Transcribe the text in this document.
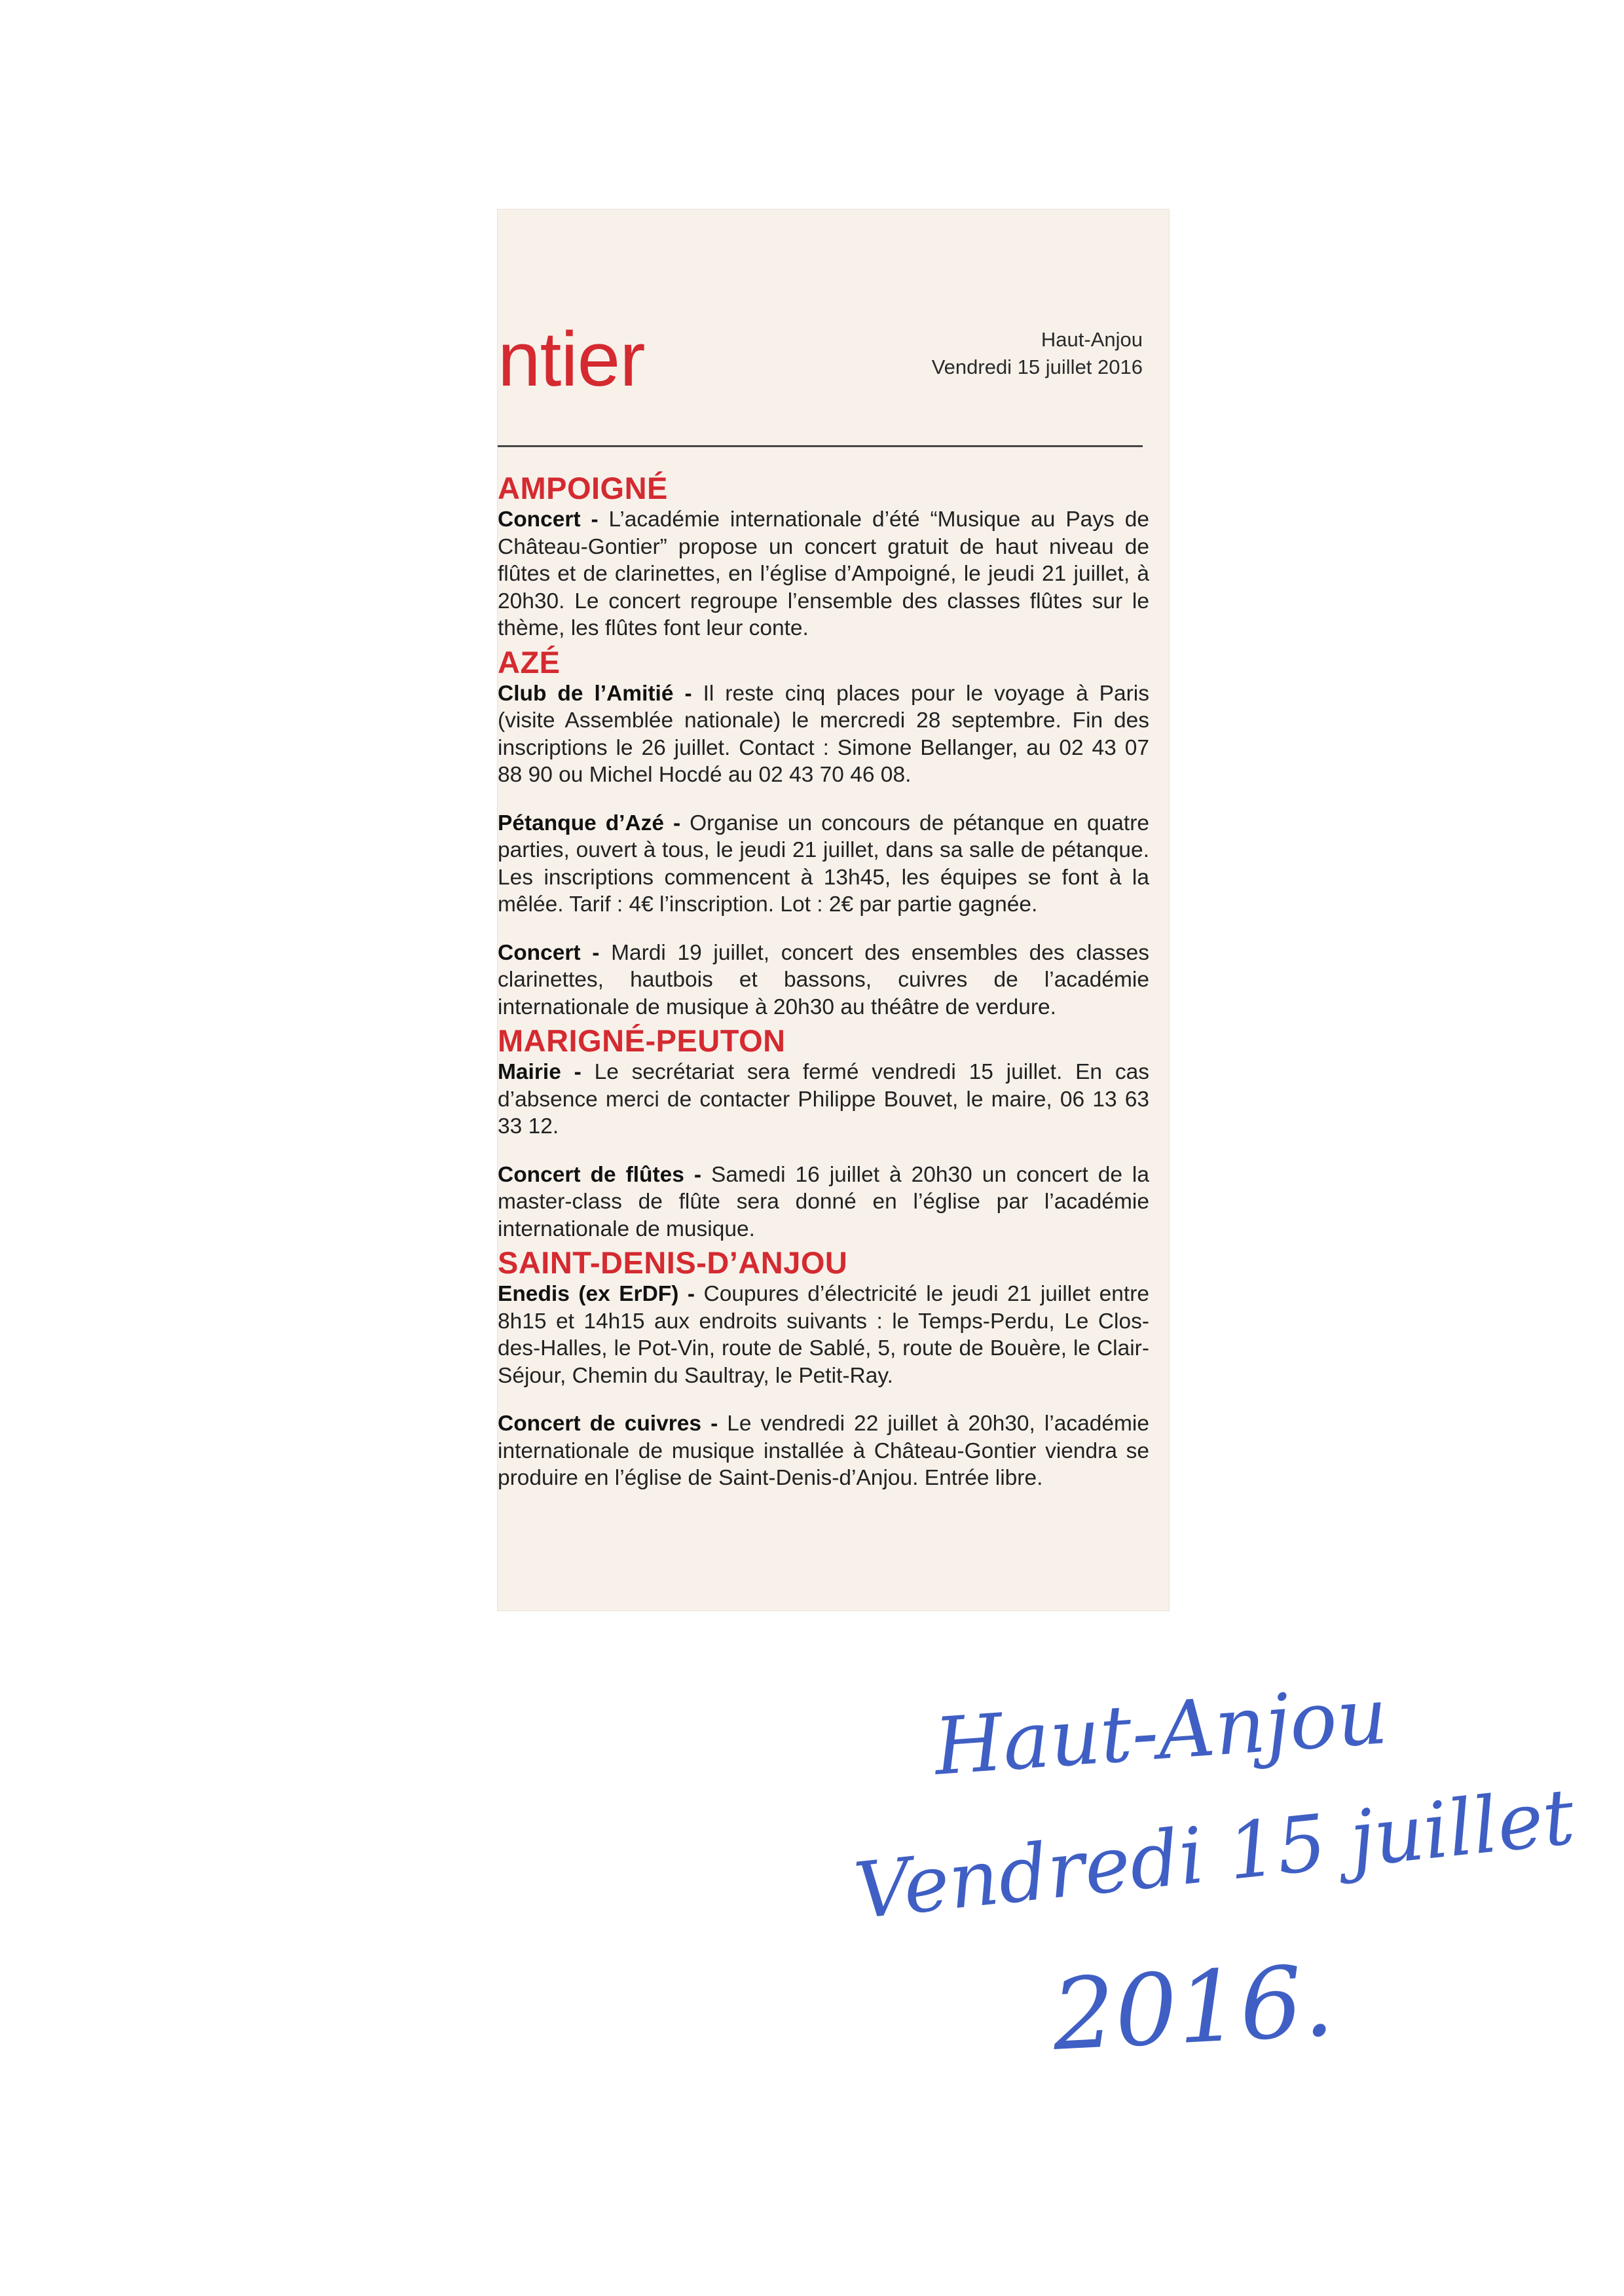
ntier	Haut-Anjou
Vendredi 15 juillet 2016
AMPOIGNÉ

Concert - L’académie internationale d’été “Musique au Pays de Château-Gontier” propose un concert gratuit de haut niveau de flûtes et de clarinettes, en l’église d’Ampoigné, le jeudi 21 juillet, à 20h30. Le concert regroupe l’ensemble des classes flûtes sur le thème, les flûtes font leur conte.

AZÉ

Club de l’Amitié - Il reste cinq places pour le voyage à Paris (visite Assemblée nationale) le mercredi 28 septembre. Fin des inscriptions le 26 juillet. Contact : Simone Bellanger, au 02 43 07 88 90 ou Michel Hocdé au 02 43 70 46 08.

Pétanque d’Azé - Organise un concours de pétanque en quatre parties, ouvert à tous, le jeudi 21 juillet, dans sa salle de pétanque. Les inscriptions commencent à 13h45, les équipes se font à la mêlée. Tarif : 4€ l’inscription. Lot : 2€ par partie gagnée.

Concert - Mardi 19 juillet, concert des ensembles des classes clarinettes, hautbois et bassons, cuivres de l’académie internationale de musique à 20h30 au théâtre de verdure.

MARIGNÉ-PEUTON

Mairie - Le secrétariat sera fermé vendredi 15 juillet. En cas d’absence merci de contacter Philippe Bouvet, le maire, 06 13 63 33 12.

Concert de flûtes - Samedi 16 juillet à 20h30 un concert de la master-class de flûte sera donné en l’église par l’académie internationale de musique.

SAINT-DENIS-D’ANJOU

Enedis (ex ErDF) - Coupures d’électricité le jeudi 21 juillet entre 8h15 et 14h15 aux endroits suivants : le Temps-Perdu, Le Clos-des-Halles, le Pot-Vin, route de Sablé, 5, route de Bouère, le Clair-Séjour, Chemin du Saultray, le Petit-Ray.

Concert de cuivres - Le vendredi 22 juillet à 20h30, l’académie internationale de musique installée à Château-Gontier viendra se produire en l’église de Saint-Denis-d’Anjou. Entrée libre.

Haut-Anjou
Vendredi 15 juillet
2016.
